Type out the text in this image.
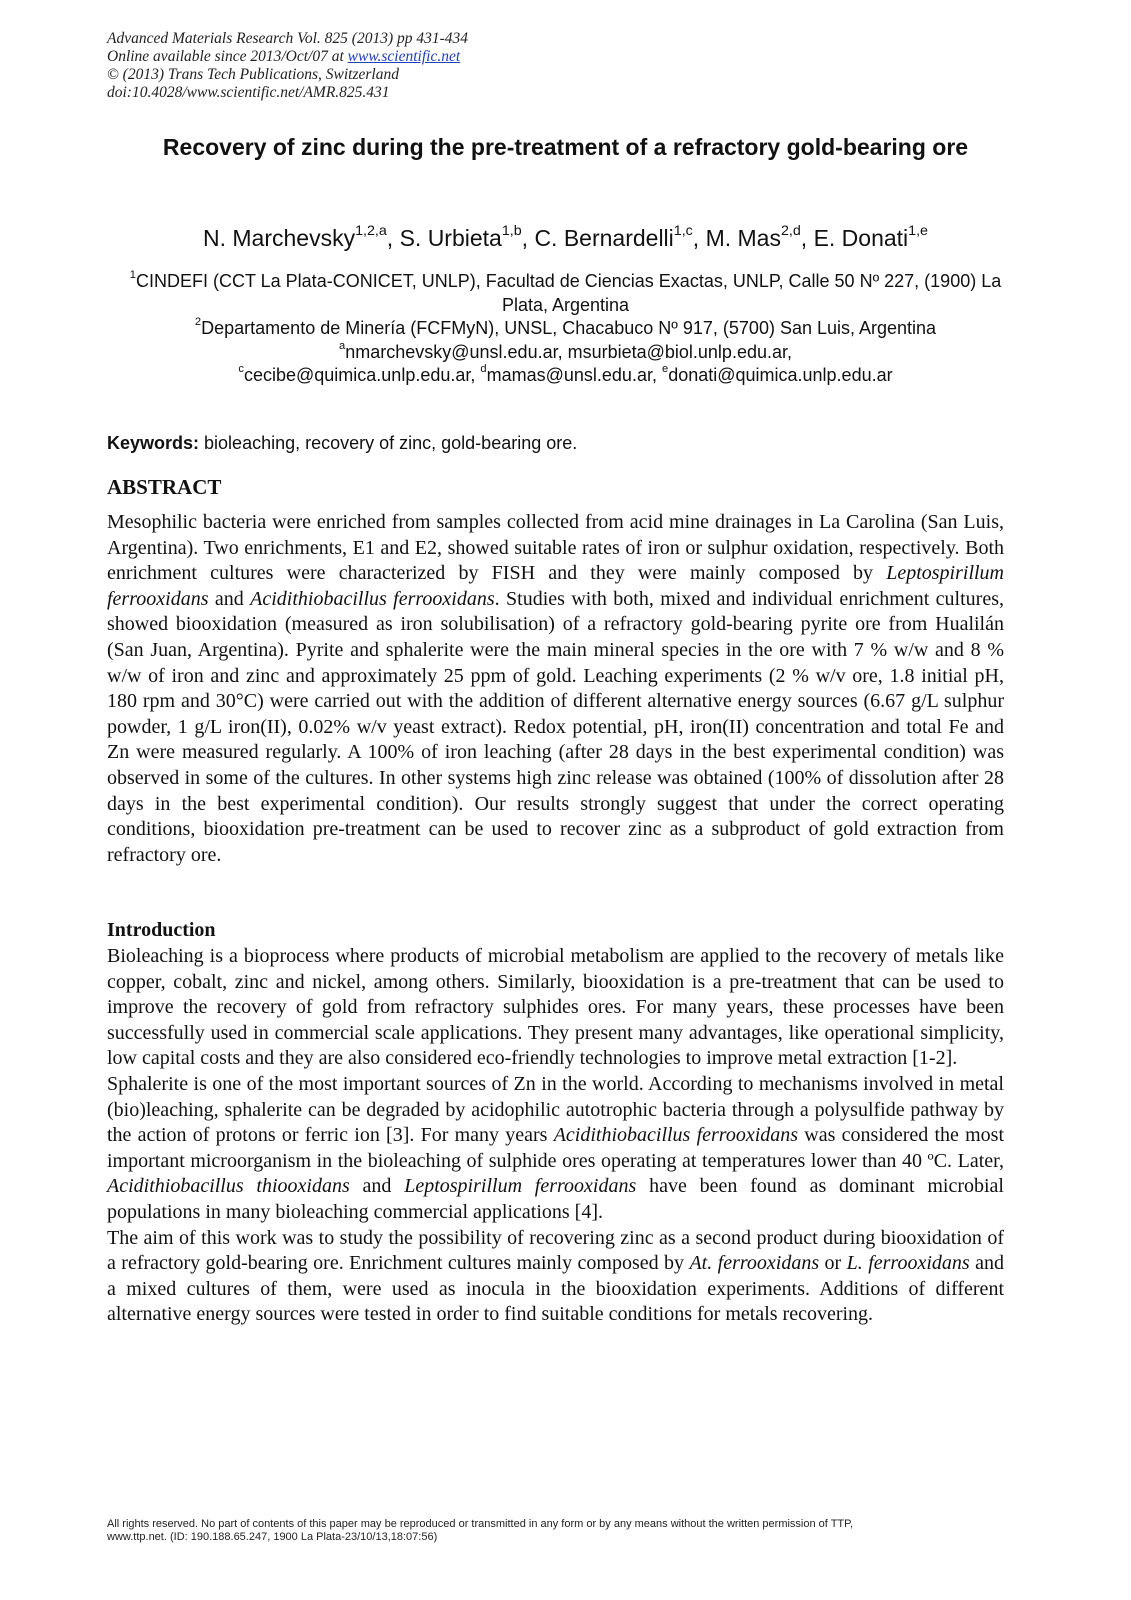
Advanced Materials Research Vol. 825 (2013) pp 431-434
Online available since 2013/Oct/07 at www.scientific.net
© (2013) Trans Tech Publications, Switzerland
doi:10.4028/www.scientific.net/AMR.825.431
Recovery of zinc during the pre-treatment of a refractory gold-bearing ore
N. Marchevsky$^{1,2,a}$, S. Urbieta$^{1,b}$, C. Bernardelli$^{1,c}$, M. Mas$^{2,d}$, E. Donati$^{1,e}$
$^1$CINDEFI (CCT La Plata-CONICET, UNLP), Facultad de Ciencias Exactas, UNLP, Calle 50 Nº 227, (1900) La Plata, Argentina
$^2$Departamento de Minería (FCFMyN), UNSL, Chacabuco Nº 917, (5700) San Luis, Argentina
$^a$nmarchevsky@unsl.edu.ar, msurbieta@biol.unlp.edu.ar,
$^c$cecibe@quimica.unlp.edu.ar, $^d$mamas@unsl.edu.ar, $^e$donati@quimica.unlp.edu.ar
Keywords: bioleaching, recovery of zinc, gold-bearing ore.
ABSTRACT

Mesophilic bacteria were enriched from samples collected from acid mine drainages in La Carolina (San Luis, Argentina). Two enrichments, E1 and E2, showed suitable rates of iron or sulphur oxidation, respectively. Both enrichment cultures were characterized by FISH and they were mainly composed by Leptospirillum ferrooxidans and Acidithiobacillus ferrooxidans. Studies with both, mixed and individual enrichment cultures, showed biooxidation (measured as iron solubilisation) of a refractory gold-bearing pyrite ore from Hualilán (San Juan, Argentina). Pyrite and sphalerite were the main mineral species in the ore with 7 % w/w and 8 % w/w of iron and zinc and approximately 25 ppm of gold. Leaching experiments (2 % w/v ore, 1.8 initial pH, 180 rpm and 30°C) were carried out with the addition of different alternative energy sources (6.67 g/L sulphur powder, 1 g/L iron(II), 0.02% w/v yeast extract). Redox potential, pH, iron(II) concentration and total Fe and Zn were measured regularly. A 100% of iron leaching (after 28 days in the best experimental condition) was observed in some of the cultures. In other systems high zinc release was obtained (100% of dissolution after 28 days in the best experimental condition). Our results strongly suggest that under the correct operating conditions, biooxidation pre-treatment can be used to recover zinc as a subproduct of gold extraction from refractory ore.

Introduction

Bioleaching is a bioprocess where products of microbial metabolism are applied to the recovery of metals like copper, cobalt, zinc and nickel, among others. Similarly, biooxidation is a pre-treatment that can be used to improve the recovery of gold from refractory sulphides ores. For many years, these processes have been successfully used in commercial scale applications. They present many advantages, like operational simplicity, low capital costs and they are also considered eco-friendly technologies to improve metal extraction [1-2].

Sphalerite is one of the most important sources of Zn in the world. According to mechanisms involved in metal (bio)leaching, sphalerite can be degraded by acidophilic autotrophic bacteria through a polysulfide pathway by the action of protons or ferric ion [3]. For many years Acidithiobacillus ferrooxidans was considered the most important microorganism in the bioleaching of sulphide ores operating at temperatures lower than 40 ºC. Later, Acidithiobacillus thiooxidans and Leptospirillum ferrooxidans have been found as dominant microbial populations in many bioleaching commercial applications [4].

The aim of this work was to study the possibility of recovering zinc as a second product during biooxidation of a refractory gold-bearing ore. Enrichment cultures mainly composed by At. ferrooxidans or L. ferrooxidans and a mixed cultures of them, were used as inocula in the biooxidation experiments. Additions of different alternative energy sources were tested in order to find suitable conditions for metals recovering.

All rights reserved. No part of contents of this paper may be reproduced or transmitted in any form or by any means without the written permission of TTP,
www.ttp.net. (ID: 190.188.65.247, 1900 La Plata-23/10/13,18:07:56)
